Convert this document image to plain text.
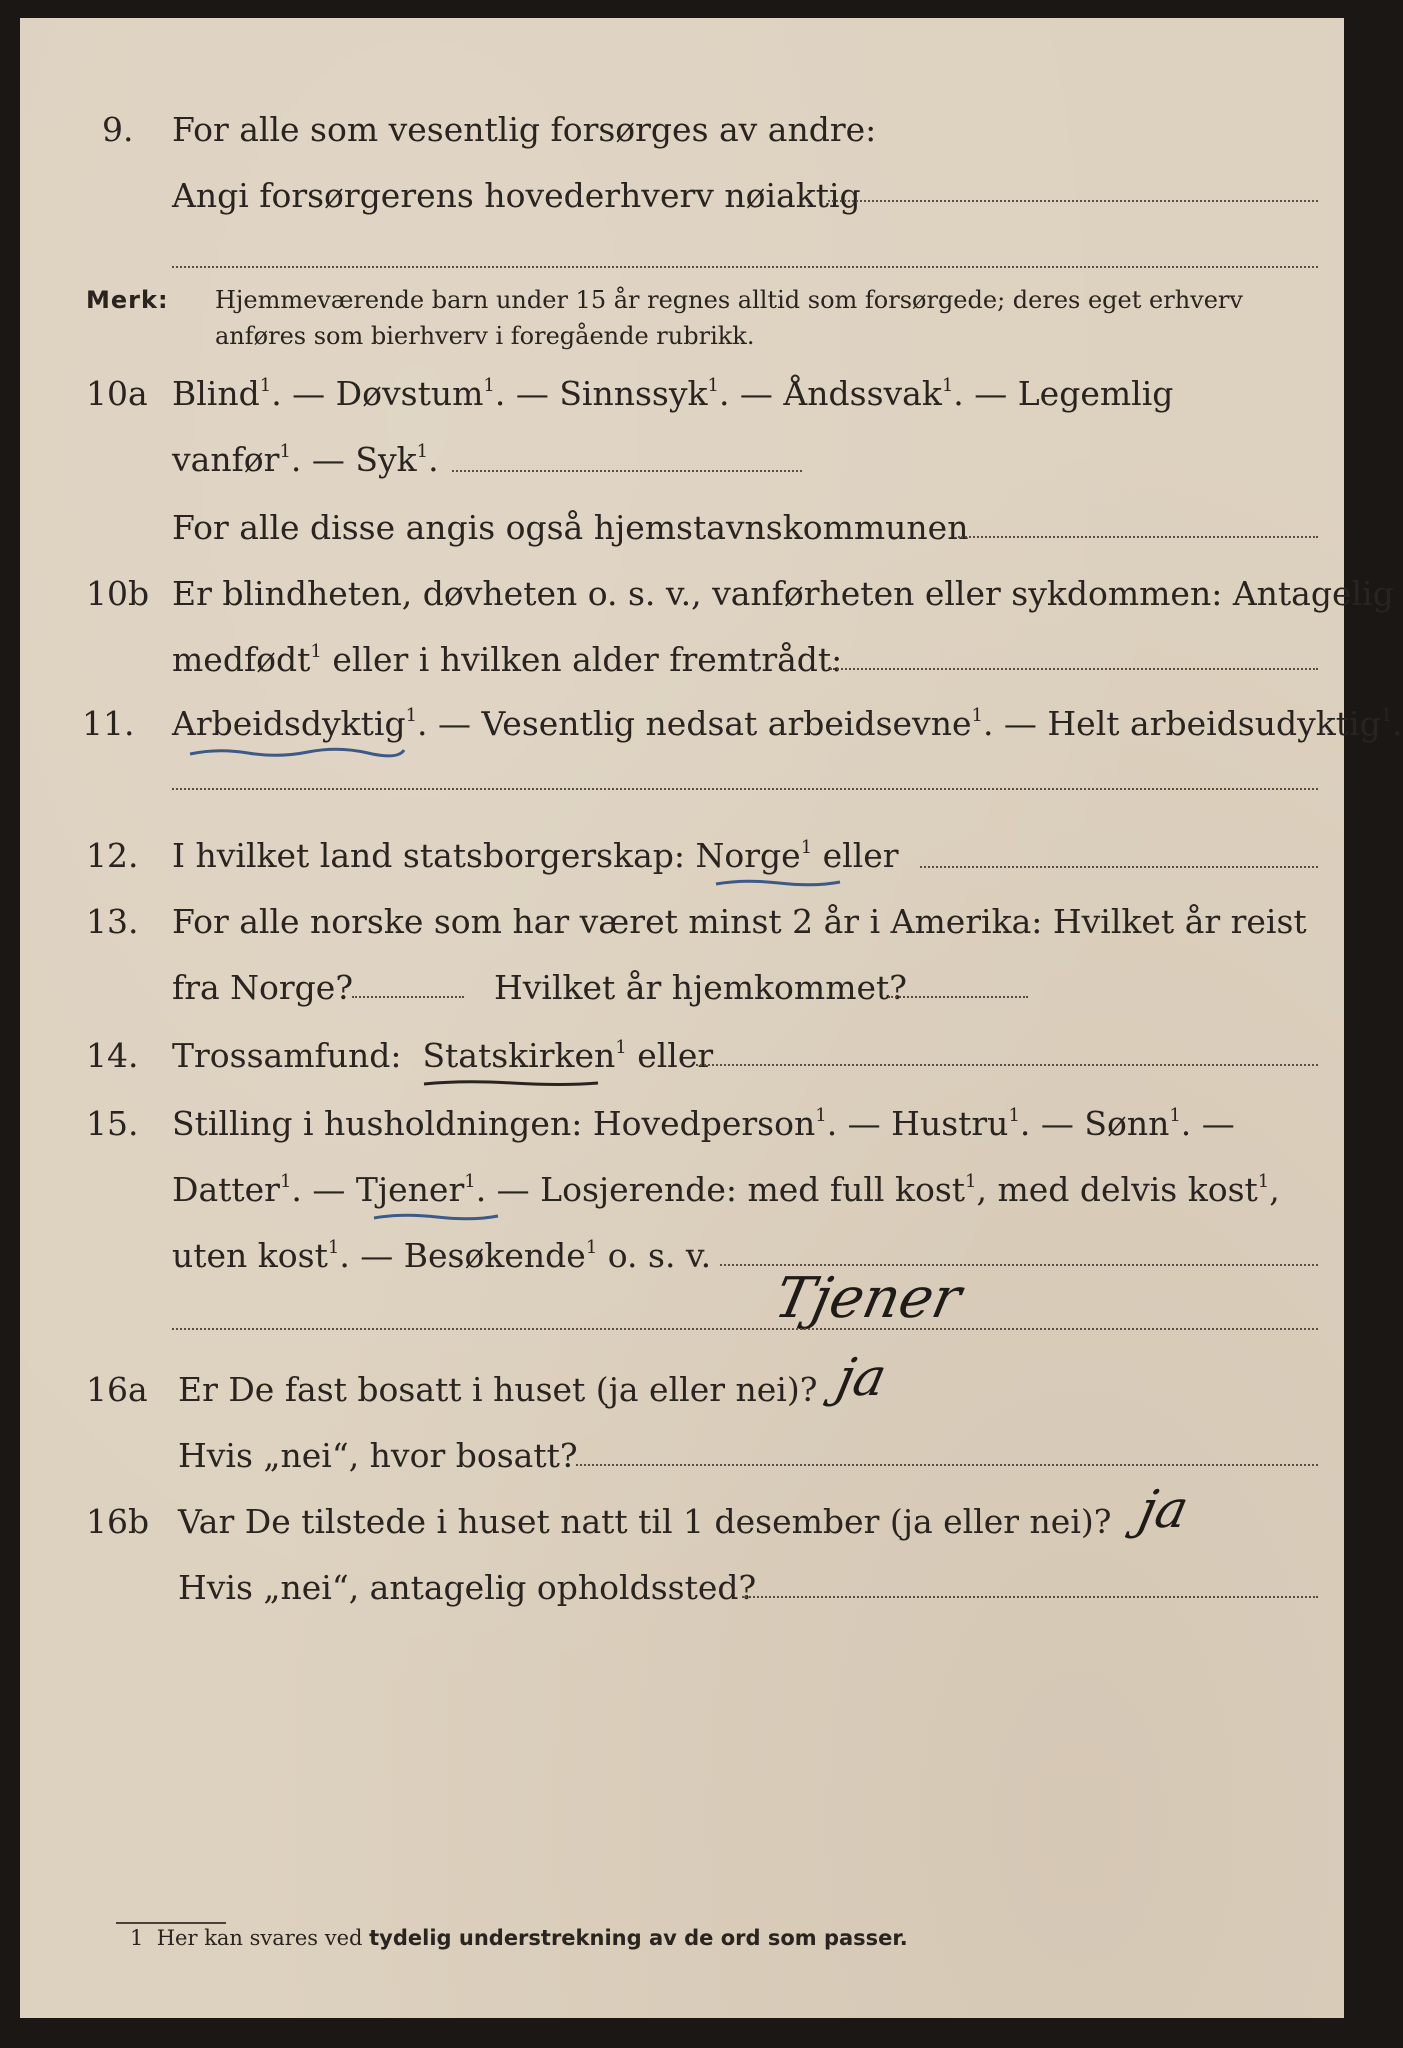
9. For alle som vesentlig forsørges av andre:
Angi forsørgerens hovederhverv nøiaktig
Merk: Hjemmeværende barn under 15 år regnes alltid som forsørgede; deres eget erhverv
anføres som bierhverv i foregående rubrikk.
10a Blind$^1$. — Døvstum$^1$. — Sinnssyk$^1$. — Åndssvak$^1$. — Legemlig
vanfør$^1$. — Syk$^1$.
For alle disse angis også hjemstavnskommunen
10b Er blindheten, døvheten o. s. v., vanførheten eller sykdommen: Antagelig
medfødt$^1$ eller i hvilken alder fremtrådt:
11. Arbeidsdyktig$^1$. — Vesentlig nedsat arbeidsevne$^1$. — Helt arbeidsudyktig$^1$.
12. I hvilket land statsborgerskap: Norge$^1$ eller
13. For alle norske som har været minst 2 år i Amerika: Hvilket år reist
fra Norge?	Hvilket år hjemkommet?
14. Trossamfund: Statskirken$^1$ eller
15. Stilling i husholdningen: Hovedperson$^1$. — Hustru$^1$. — Sønn$^1$. —
Datter$^1$. — Tjener$^1$. — Losjerende: med full kost$^1$, med delvis kost$^1$,
uten kost$^1$. — Besøkende$^1$ o. s. v.
Tjener
16a Er De fast bosatt i huset (ja eller nei)? ja
Hvis „nei“, hvor bosatt?
16b Var De tilstede i huset natt til 1 desember (ja eller nei)? ja
Hvis „nei“, antagelig opholdssted?
1 Her kan svares ved tydelig understrekning av de ord som passer.
